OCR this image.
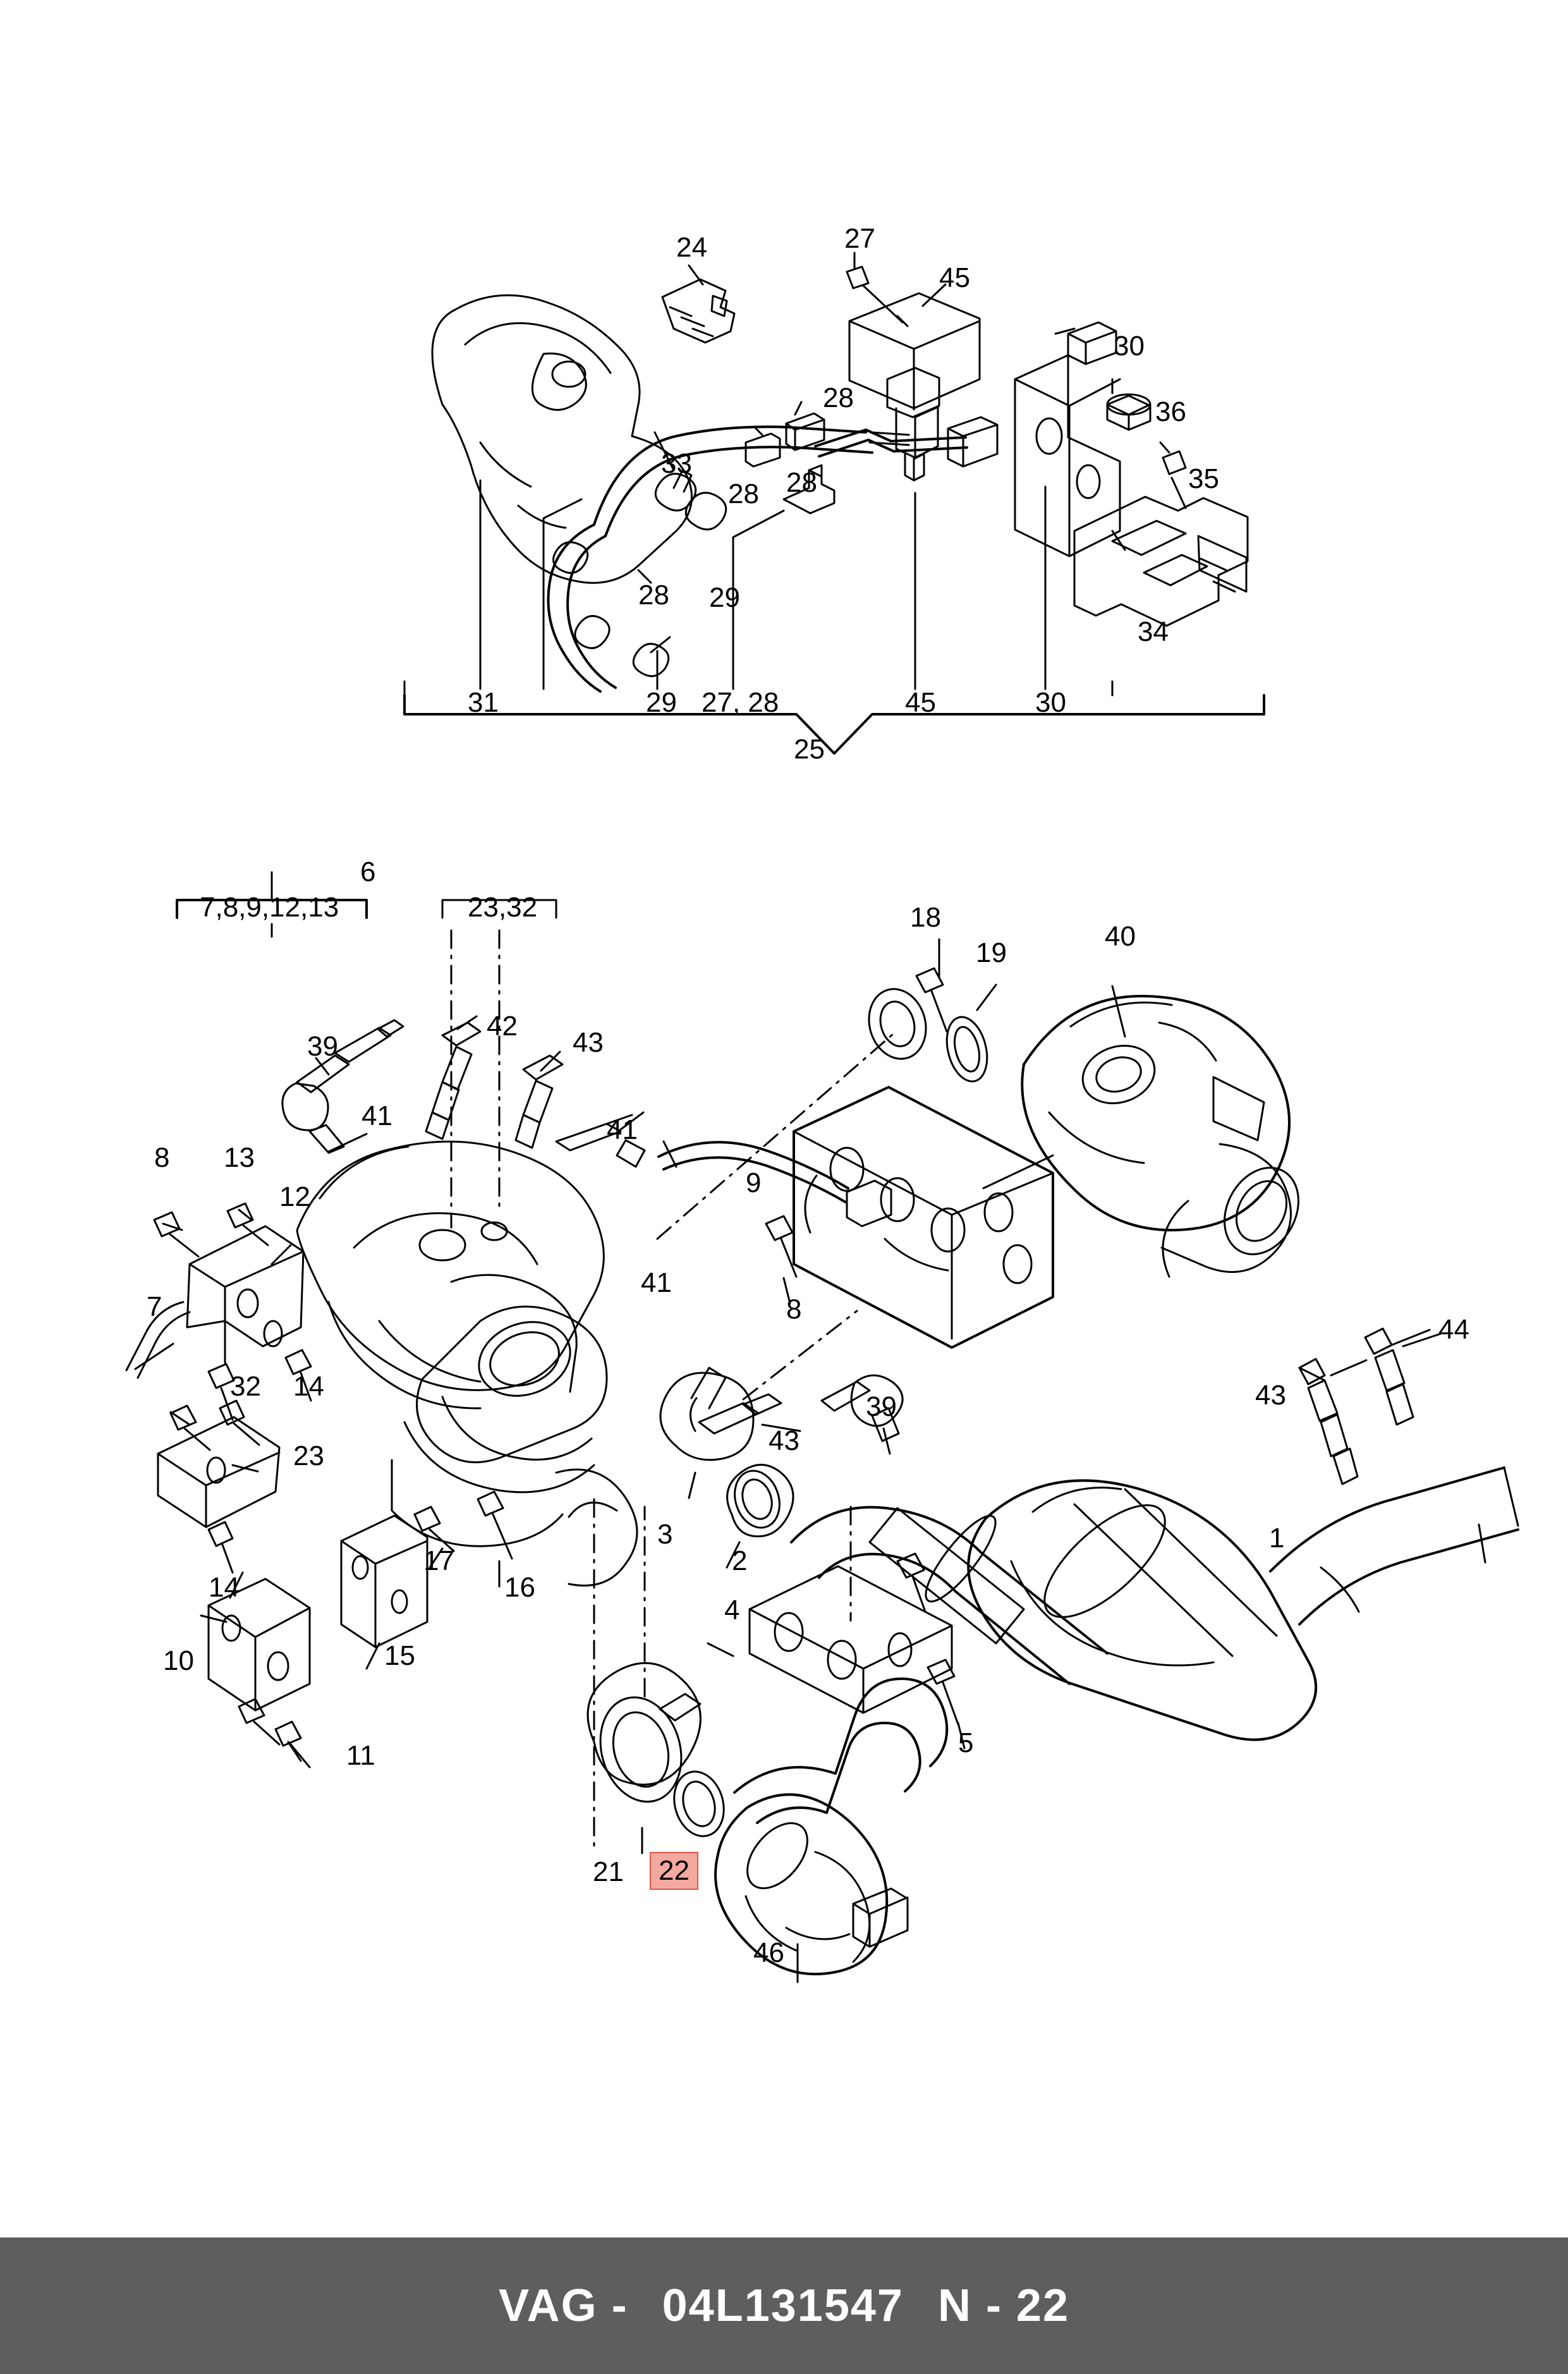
24	27
45
30
36
28
35
33
28 28
28 29
34
31	29 27, 28	45	30
25
6
7,8,9,12,13	23,32
39
42
43
41	41
41
8 13
12
7
14
32
23
14
17
16
15
10
11
3
2
4
5
21	22
46
18
19
40
9
8
43
39	43
44
1
VAG - 04L131547 N - 22
